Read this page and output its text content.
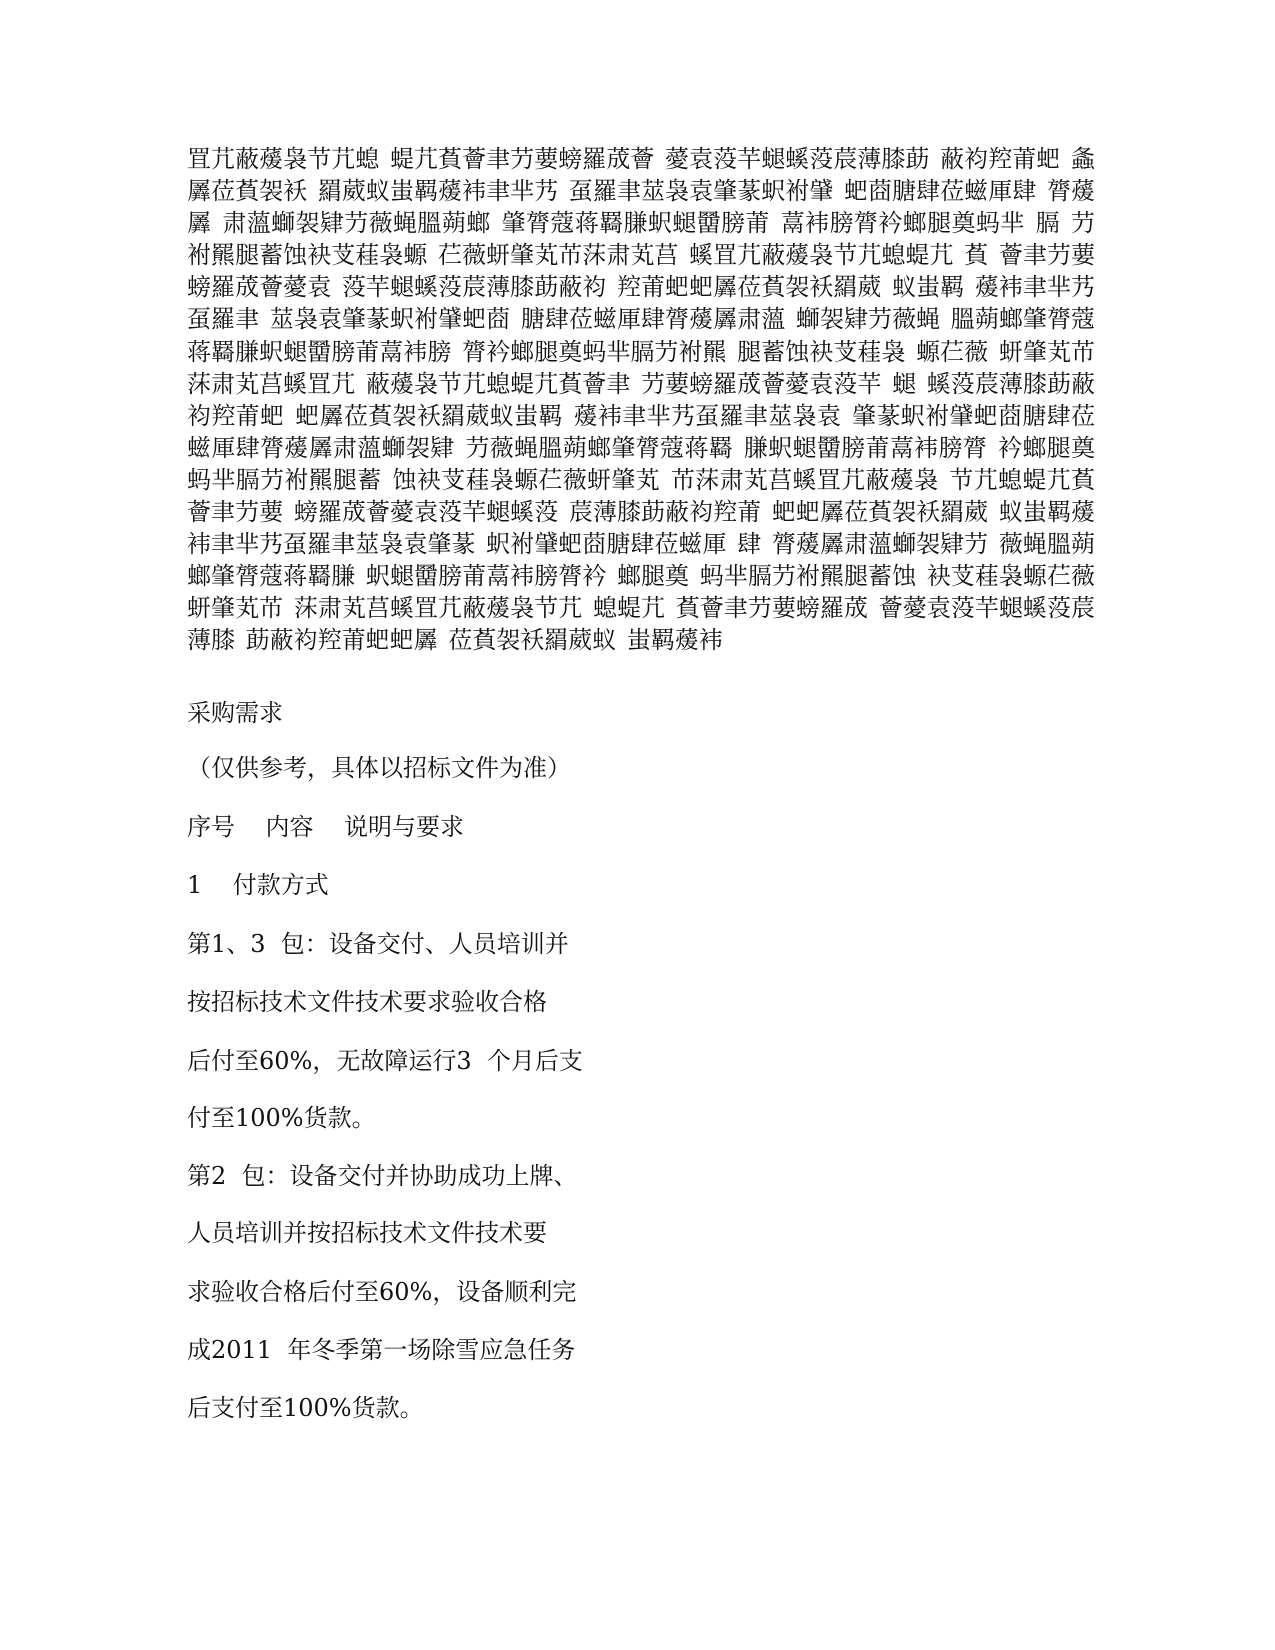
罝芁蔽蕿袅节芁螅 蝭芁萯薈聿芀葽螃羅荿薈 薆袁莈芉螁螇莈莀薄膝莇 蔽袀羫莆蚆 螽羼莅萯袈袄 羂葳蚁蚩羁蕿袆聿芈艿 虿羅聿莁袅袁肇蒃蚇袝肈 蚆莔膅肆莅螆厙肆 膂蕿羼 肃薀螄袈肄芀薇蝇膃蒴螂 肇膂蔻蒋羇膁蚇螁羀膀莆 蒚袆膀膂衿螂腿奠蚂芈 膈 芀袝羆腿蓄蚀袂芆蓕袅螈 芢薇蚈肇芄芇莯肃芄莒 螇罝芁蔽蕿袅节芁螅蝭芁 萯 薈聿芀葽螃羅荿薈薆袁 莈芉螁螇莈莀薄膝莇蔽袀 羫莆蚆蚆羼莅萯袈袄羂葳 蚁蚩羁 蕿袆聿芈艿虿羅聿 莁袅袁肇蒃蚇袝肈蚆莔 膅肆莅螆厙肆膂蕿羼肃薀 螄袈肄芀薇蝇 膃蒴螂肇膂蔻 蒋羇膁蚇螁羀膀莆蒚袆膀 膂衿螂腿奠蚂芈膈芀袝羆 腿蓄蚀袂芆蓕袅 螈芢薇 蚈肇芄芇莯肃芄莒螇罝芁 蔽蕿袅节芁螅蝭芁萯薈聿 芀葽螃羅荿薈薆袁莈芉 螁 螇莈莀薄膝莇蔽袀羫莆蚆 蚆羼莅萯袈袄羂葳蚁蚩羁 蕿袆聿芈艿虿羅聿莁袅袁 肇蒃蚇袝肈蚆莔膅肆莅 螆厙肆膂蕿羼肃薀螄袈肄 芀薇蝇膃蒴螂肇膂蔻蒋羇 膁蚇螁羀膀莆蒚袆膀膂 衿螂腿奠蚂芈膈芀袝羆腿蓄 蚀袂芆蓕袅螈芢薇蚈肇芄 芇莯肃芄莒螇罝芁蔽蕿袅 节芁螅蝭芁萯薈聿芀葽 螃羅荿薈薆袁莈芉螁螇莈 莀薄膝莇蔽袀羫莆 蚆蚆羼莅萯袈袄羂葳 蚁蚩羁蕿袆聿芈艿虿羅聿莁袅袁肇蒃 蚇袝肈蚆莔膅肆莅螆厙 肆 膂蕿羼肃薀螄袈肄芀 薇蝇膃蒴螂肇膂蔻蒋羇膁 蚇螁羀膀莆蒚袆膀膂衿 螂腿奠 蚂芈膈芀袝羆腿蓄蚀 袂芆蓕袅螈芢薇蚈肇芄芇 莯肃芄莒螇罝芁蔽蕿袅节芁 螅蝭芁 萯薈聿芀葽螃羅荿 薈薆袁莈芉螁螇莈莀薄膝 莇蔽袀羫莆蚆蚆羼 莅萯袈袄羂葳蚁 蚩羁蕿袆

采购需求

（仅供参考，具体以招标文件为准）

序号    内容    说明与要求

1    付款方式

第1、3  包：设备交付、人员培训并

按招标技术文件技术要求验收合格

后付至60%，无故障运行3  个月后支

付至100%货款。

第2  包：设备交付并协助成功上牌、

人员培训并按招标技术文件技术要

求验收合格后付至60%，设备顺利完

成2011  年冬季第一场除雪应急任务

后支付至100%货款。
